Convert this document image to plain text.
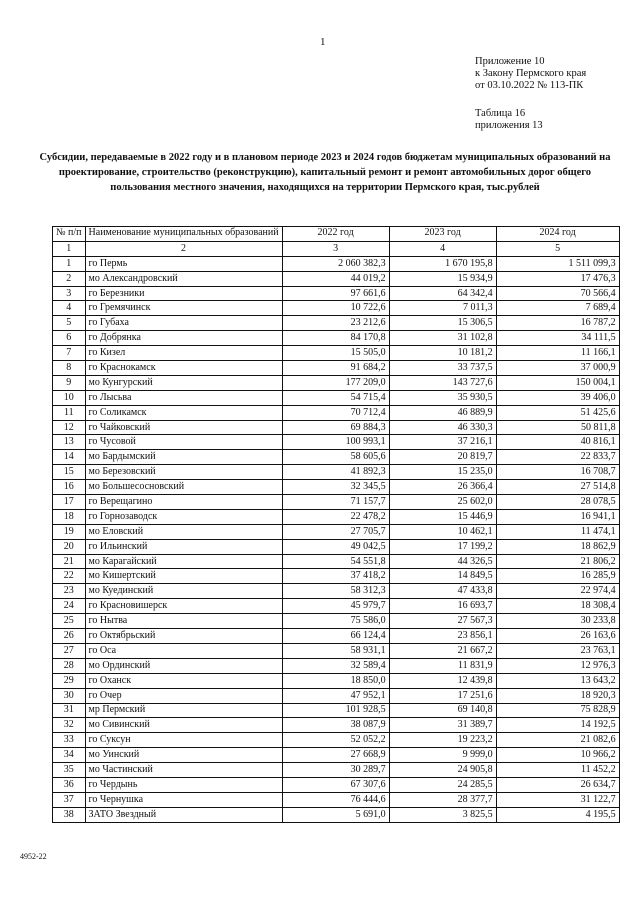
1
Приложение 10
к Закону Пермского края
от 03.10.2022 № 113-ПК
Таблица 16
приложения 13
Субсидии, передаваемые в 2022 году и в плановом периоде 2023 и 2024 годов бюджетам муниципальных образований на проектирование, строительство (реконструкцию), капитальный ремонт и ремонт автомобильных дорог общего пользования местного значения, находящихся на территории Пермского края, тыс.рублей
№ п/п	Наименование муниципальных образований	2022 год	2023 год	2024 год
1	2	3	4	5
1	го Пермь	2 060 382,3	1 670 195,8	1 511 099,3
2	мо Александровский	44 019,2	15 934,9	17 476,3
3	го Березники	97 661,6	64 342,4	70 566,4
4	го Гремячинск	10 722,6	7 011,3	7 689,4
5	го Губаха	23 212,6	15 306,5	16 787,2
6	го Добрянка	84 170,8	31 102,8	34 111,5
7	го Кизел	15 505,0	10 181,2	11 166,1
8	го Краснокамск	91 684,2	33 737,5	37 000,9
9	мо Кунгурский	177 209,0	143 727,6	150 004,1
10	го Лысьва	54 715,4	35 930,5	39 406,0
11	го Соликамск	70 712,4	46 889,9	51 425,6
12	го Чайковский	69 884,3	46 330,3	50 811,8
13	го Чусовой	100 993,1	37 216,1	40 816,1
14	мо Бардымский	58 605,6	20 819,7	22 833,7
15	мо Березовский	41 892,3	15 235,0	16 708,7
16	мо Большесосновский	32 345,5	26 366,4	27 514,8
17	го Верещагино	71 157,7	25 602,0	28 078,5
18	го Горнозаводск	22 478,2	15 446,9	16 941,1
19	мо Еловский	27 705,7	10 462,1	11 474,1
20	го Ильинский	49 042,5	17 199,2	18 862,9
21	мо Карагайский	54 551,8	44 326,5	21 806,2
22	мо Кишертский	37 418,2	14 849,5	16 285,9
23	мо Куединский	58 312,3	47 433,8	22 974,4
24	го Красновишерск	45 979,7	16 693,7	18 308,4
25	го Нытва	75 586,0	27 567,3	30 233,8
26	го Октябрьский	66 124,4	23 856,1	26 163,6
27	го Оса	58 931,1	21 667,2	23 763,1
28	мо Ординский	32 589,4	11 831,9	12 976,3
29	го Оханск	18 850,0	12 439,8	13 643,2
30	го Очер	47 952,1	17 251,6	18 920,3
31	мр Пермский	101 928,5	69 140,8	75 828,9
32	мо Сивинский	38 087,9	31 389,7	14 192,5
33	го Суксун	52 052,2	19 223,2	21 082,6
34	мо Уинский	27 668,9	9 999,0	10 966,2
35	мо Частинский	30 289,7	24 905,8	11 452,2
36	го Чердынь	67 307,6	24 285,5	26 634,7
37	го Чернушка	76 444,6	28 377,7	31 122,7
38	ЗАТО Звездный	5 691,0	3 825,5	4 195,5
4952-22
